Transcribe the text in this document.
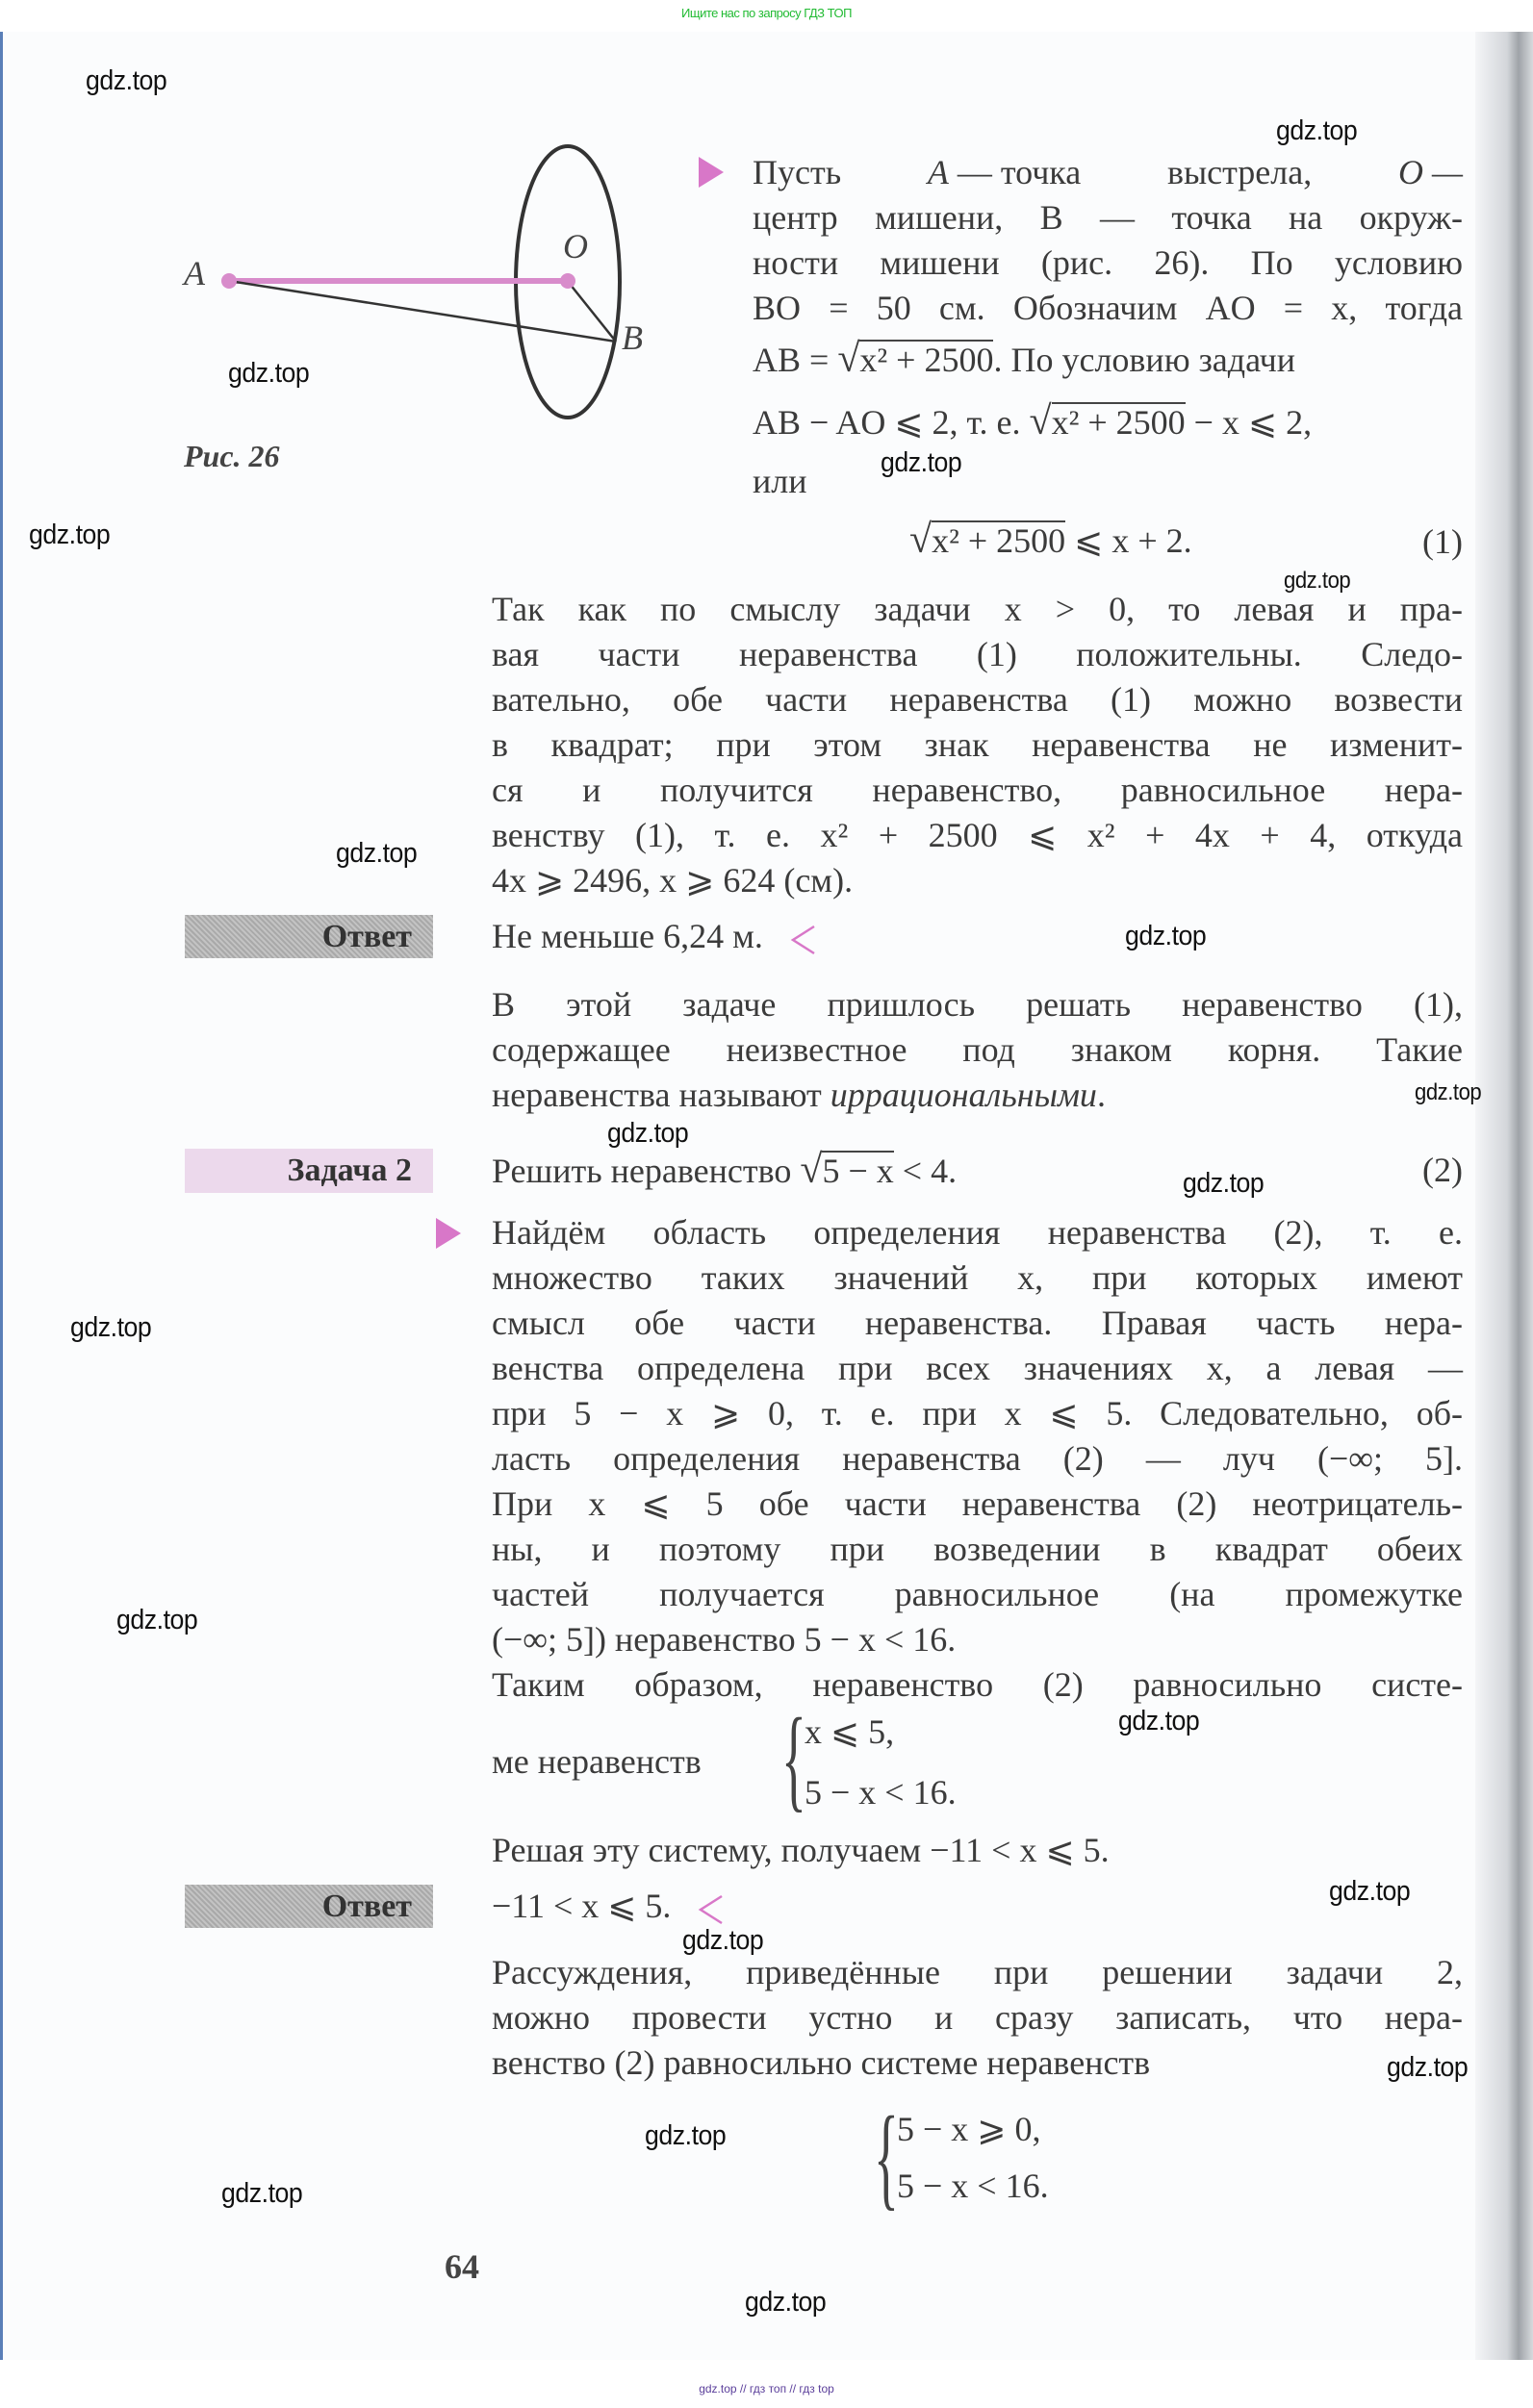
Ищите нас по запросу ГДЗ ТОП
A
O
B
Рис. 26
Пусть A — точка выстрела, O —
центр мишени, B — точка на окруж-
ности мишени (рис. 26). По условию
BO = 50 см. Обозначим AO = x, тогда
AB = √x² + 2500. По условию задачи
AB − AO ⩽ 2, т. е. √x² + 2500 − x ⩽ 2,
или
√x² + 2500 ⩽ x + 2.	(1)
Так как по смыслу задачи x > 0, то левая и пра-
вая части неравенства (1) положительны. Следо-
вательно, обе части неравенства (1) можно возвести
в квадрат; при этом знак неравенства не изменит-
ся и получится неравенство, равносильное нера-
венству (1), т. е. x² + 2500 ⩽ x² + 4x + 4, откуда
4x ⩾ 2496, x ⩾ 624 (см).
Ответ	Не меньше 6,24 м.
В этой задаче пришлось решать неравенство (1),
содержащее неизвестное под знаком корня. Такие
неравенства называют иррациональными.
Задача 2	Решить неравенство √5 − x < 4.	(2)
Найдём область определения неравенства (2), т. е.
множество таких значений x, при которых имеют
смысл обе части неравенства. Правая часть нера-
венства определена при всех значениях x, а левая —
при 5 − x ⩾ 0, т. е. при x ⩽ 5. Следовательно, об-
ласть определения неравенства (2) — луч (−∞; 5].
При x ⩽ 5 обе части неравенства (2) неотрицатель-
ны, и поэтому при возведении в квадрат обеих
частей получается равносильное (на промежутке
(−∞; 5]) неравенство 5 − x < 16.
Таким образом, неравенство (2) равносильно систе-
ме неравенств {
x ⩽ 5,
5 − x < 16.
Решая эту систему, получаем −11 < x ⩽ 5.
Ответ	−11 < x ⩽ 5.
Рассуждения, приведённые при решении задачи 2,
можно провести устно и сразу записать, что нера-
венство (2) равносильно системе неравенств
{
5 − x ⩾ 0,
5 − x < 16.
64
gdz.top
gdz.top
gdz.top
gdz.top
gdz.top
gdz.top
gdz.top
gdz.top
gdz.top
gdz.top
gdz.top
gdz.top
gdz.top
gdz.top
gdz.top
gdz.top
gdz.top
gdz.top
gdz.top
gdz.top
gdz.top // гдз топ // гдз top
